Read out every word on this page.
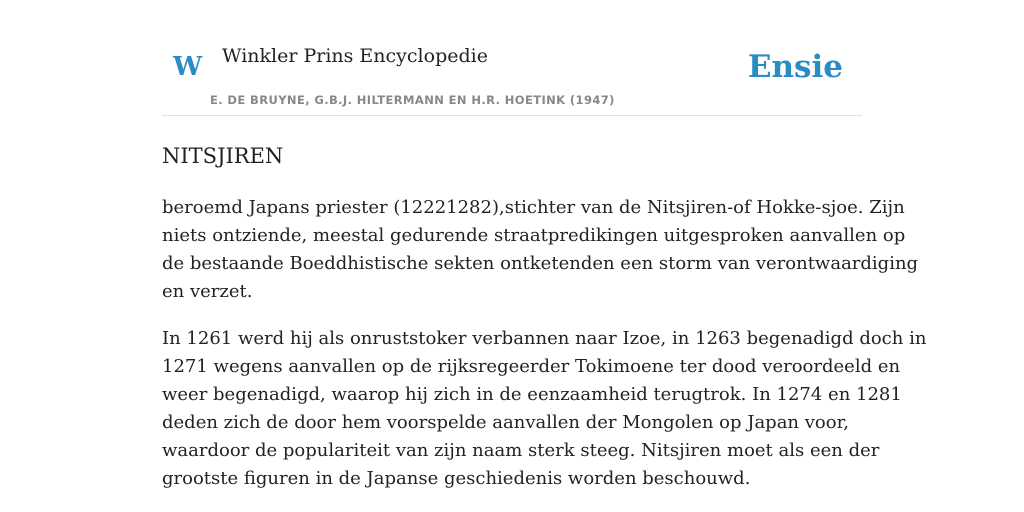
W Winkler Prins Encyclopedie	Ensie
E. DE BRUYNE, G.B.J. HILTERMANN EN H.R. HOETINK (1947)
NITSJIREN

beroemd Japans priester (12221282),stichter van de Nitsjiren-of Hokke-sjoe. Zijn
niets ontziende, meestal gedurende straatpredikingen uitgesproken aanvallen op
de bestaande Boeddhistische sekten ontketenden een storm van verontwaardiging
en verzet.

In 1261 werd hij als onruststoker verbannen naar Izoe, in 1263 begenadigd doch in
1271 wegens aanvallen op de rijksregeerder Tokimoene ter dood veroordeeld en
weer begenadigd, waarop hij zich in de eenzaamheid terugtrok. In 1274 en 1281
deden zich de door hem voorspelde aanvallen der Mongolen op Japan voor,
waardoor de populariteit van zijn naam sterk steeg. Nitsjiren moet als een der
grootste figuren in de Japanse geschiedenis worden beschouwd.
